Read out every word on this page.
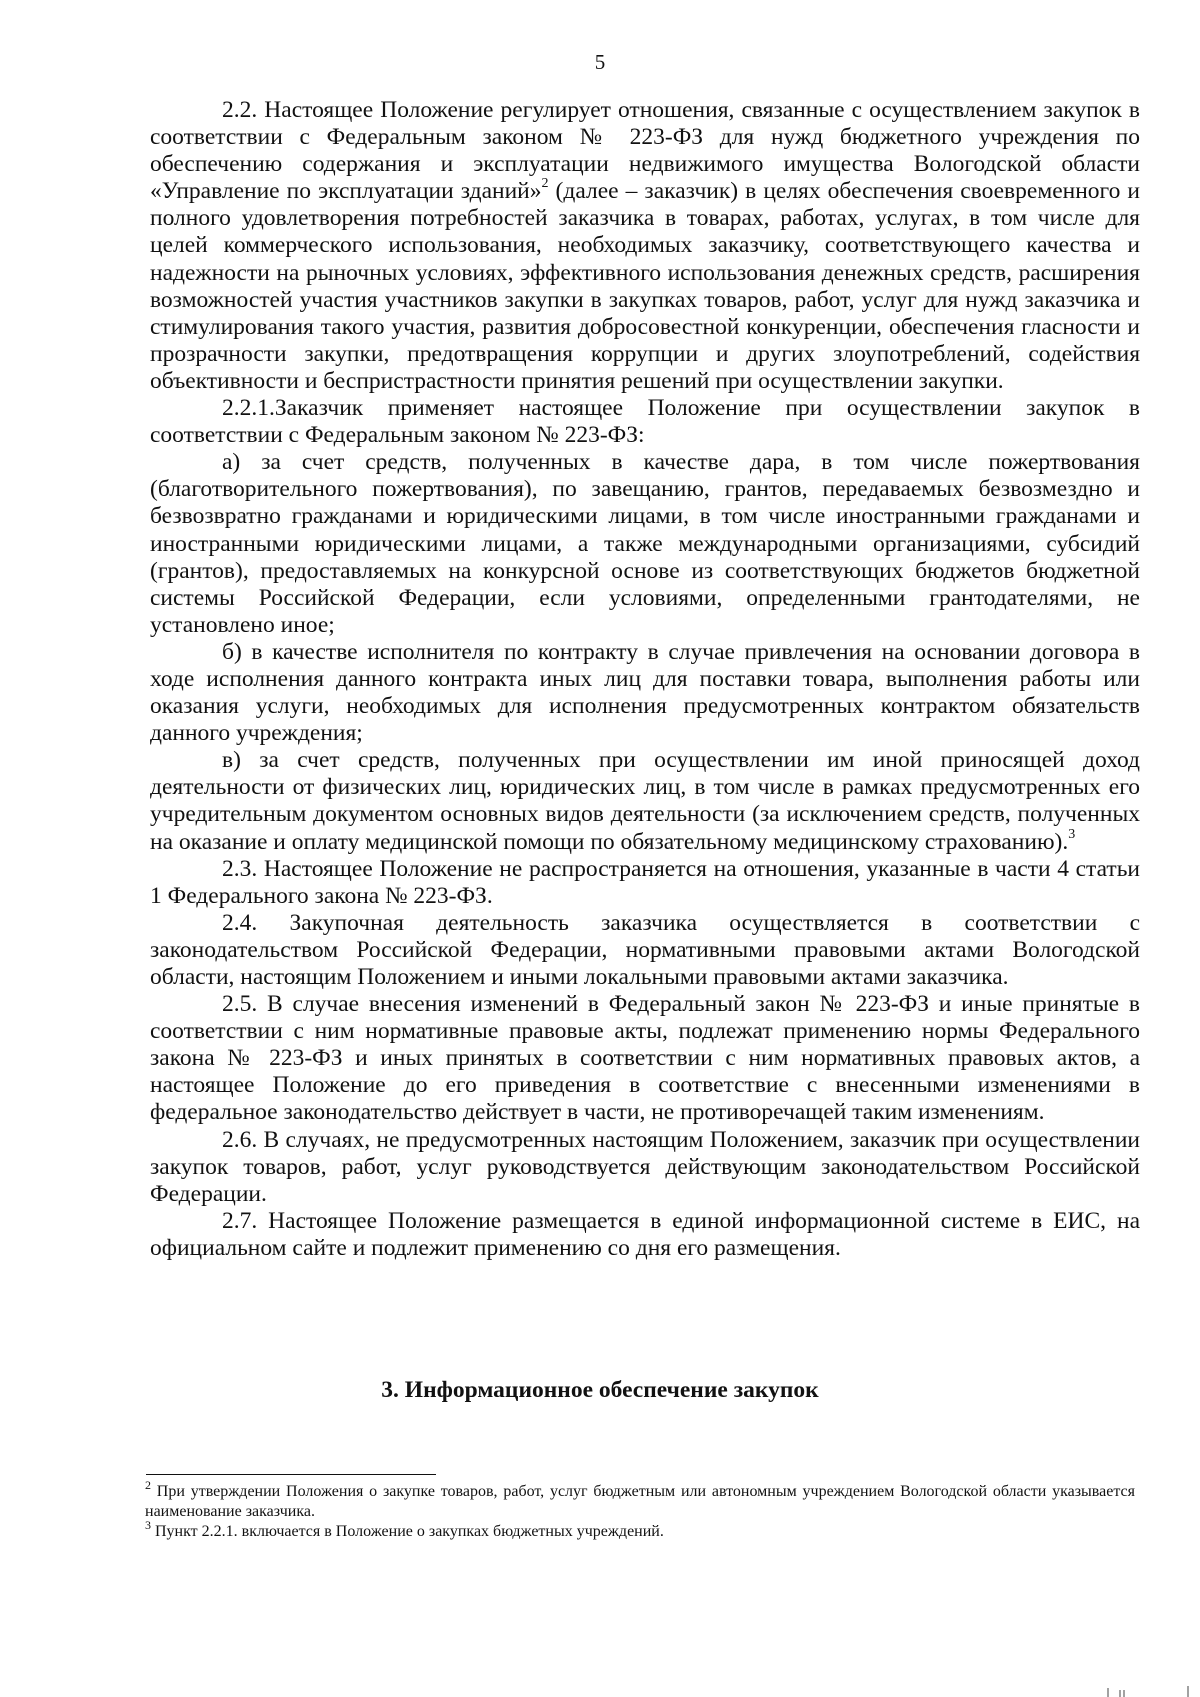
5

2.2. Настоящее Положение регулирует отношения, связанные с осуществлением закупок в соответствии с Федеральным законом № 223-ФЗ для нужд бюджетного учреждения по обеспечению содержания и эксплуатации недвижимого имущества Вологодской области «Управление по эксплуатации зданий»$^2$ (далее – заказчик) в целях обеспечения своевременного и полного удовлетворения потребностей заказчика в товарах, работах, услугах, в том числе для целей коммерческого использования, необходимых заказчику, соответствующего качества и надежности на рыночных условиях, эффективного использования денежных средств, расширения возможностей участия участников закупки в закупках товаров, работ, услуг для нужд заказчика и стимулирования такого участия, развития добросовестной конкуренции, обеспечения гласности и прозрачности закупки, предотвращения коррупции и других злоупотреблений, содействия объективности и беспристрастности принятия решений при осуществлении закупки.

2.2.1.Заказчик применяет настоящее Положение при осуществлении закупок в соответствии с Федеральным законом № 223-ФЗ:

а) за счет средств, полученных в качестве дара, в том числе пожертвования (благотворительного пожертвования), по завещанию, грантов, передаваемых безвозмездно и безвозвратно гражданами и юридическими лицами, в том числе иностранными гражданами и иностранными юридическими лицами, а также международными организациями, субсидий (грантов), предоставляемых на конкурсной основе из соответствующих бюджетов бюджетной системы Российской Федерации, если условиями, определенными грантодателями, не установлено иное;

б) в качестве исполнителя по контракту в случае привлечения на основании договора в ходе исполнения данного контракта иных лиц для поставки товара, выполнения работы или оказания услуги, необходимых для исполнения предусмотренных контрактом обязательств данного учреждения;

в) за счет средств, полученных при осуществлении им иной приносящей доход деятельности от физических лиц, юридических лиц, в том числе в рамках предусмотренных его учредительным документом основных видов деятельности (за исключением средств, полученных на оказание и оплату медицинской помощи по обязательному медицинскому страхованию).$^3$

2.3. Настоящее Положение не распространяется на отношения, указанные в части 4 статьи 1 Федерального закона № 223-ФЗ.

2.4. Закупочная деятельность заказчика осуществляется в соответствии с законодательством Российской Федерации, нормативными правовыми актами Вологодской области, настоящим Положением и иными локальными правовыми актами заказчика.

2.5. В случае внесения изменений в Федеральный закон № 223-ФЗ и иные принятые в соответствии с ним нормативные правовые акты, подлежат применению нормы Федерального закона № 223-ФЗ и иных принятых в соответствии с ним нормативных правовых актов, а настоящее Положение до его приведения в соответствие с внесенными изменениями в федеральное законодательство действует в части, не противоречащей таким изменениям.

2.6. В случаях, не предусмотренных настоящим Положением, заказчик при осуществлении закупок товаров, работ, услуг руководствуется действующим законодательством Российской Федерации.

2.7. Настоящее Положение размещается в единой информационной системе в ЕИС, на официальном сайте и подлежит применению со дня его размещения.

3. Информационное обеспечение закупок

$^2$ При утверждении Положения о закупке товаров, работ, услуг бюджетным или автономным учреждением Вологодской области указывается наименование заказчика.

$^3$ Пункт 2.2.1. включается в Положение о закупках бюджетных учреждений.
